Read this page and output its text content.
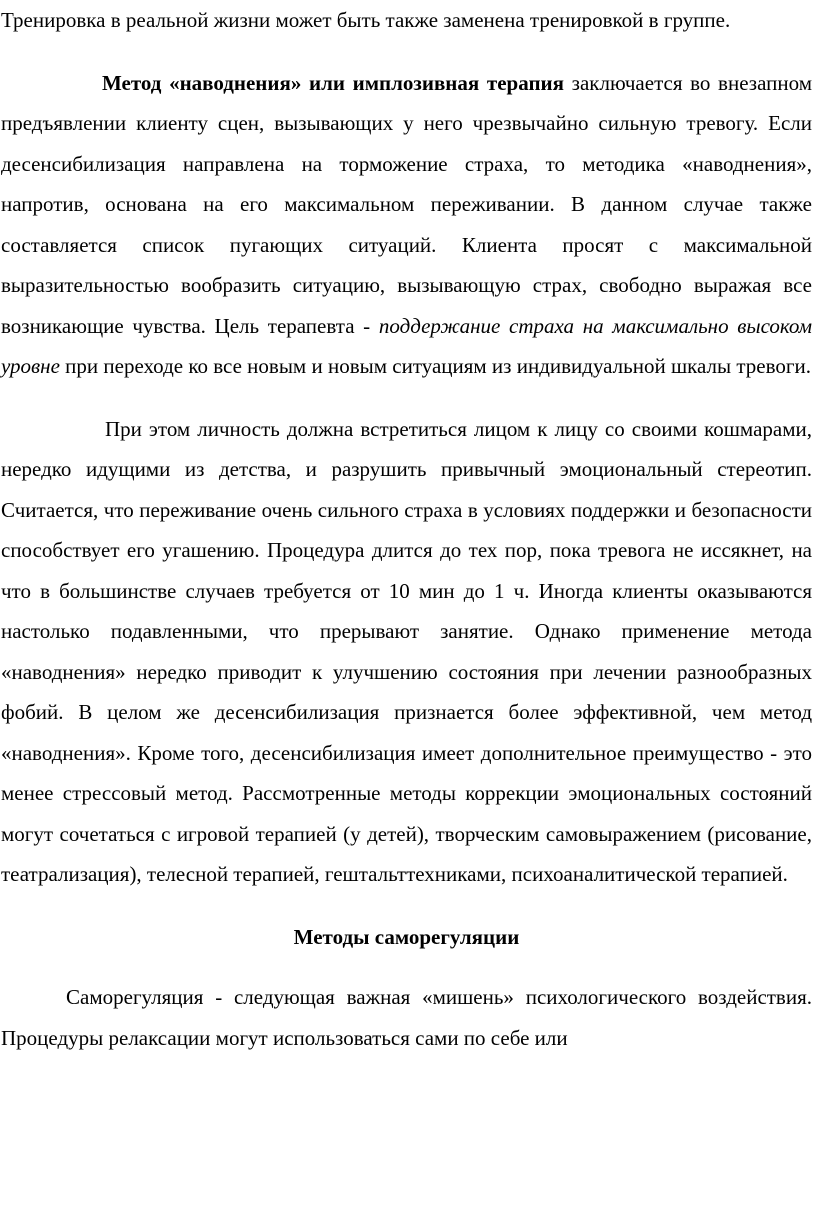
Тренировка в реальной жизни может быть также заменена тренировкой в группе.

Метод «наводнения» или имплозивная терапия заключается во внезапном предъявлении клиенту сцен, вызывающих у него чрезвычайно сильную тревогу. Если десенсибилизация направлена на торможение страха, то методика «наводнения», напротив, основана на его максимальном переживании. В данном случае также составляется список пугающих ситуаций. Клиента просят с максимальной выразительностью вообразить ситуацию, вызывающую страх, свободно выражая все возникающие чувства. Цель терапевта - поддержание страха на максимально высоком уровне при переходе ко все новым и новым ситуациям из индивидуальной шкалы тревоги.

При этом личность должна встретиться лицом к лицу со своими кошмарами, нередко идущими из детства, и разрушить привычный эмоциональный стереотип. Считается, что переживание очень сильного страха в условиях поддержки и безопасности способствует его угашению. Процедура длится до тех пор, пока тревога не иссякнет, на что в большинстве случаев требуется от 10 мин до 1 ч. Иногда клиенты оказываются настолько подавленными, что прерывают занятие. Однако применение метода «наводнения» нередко приводит к улучшению состояния при лечении разнообразных фобий. В целом же десенсибилизация признается более эффективной, чем метод «наводнения». Кроме того, десенсибилизация имеет дополнительное преимущество - это менее стрессовый метод. Рассмотренные методы коррекции эмоциональных состояний могут сочетаться с игровой терапией (у детей), творческим самовыражением (рисование, театрализация), телесной терапией, гештальттехниками, психоаналитической терапией.

Методы саморегуляции

Саморегуляция - следующая важная «мишень» психологического воздействия. Процедуры релаксации могут использоваться сами по себе или
